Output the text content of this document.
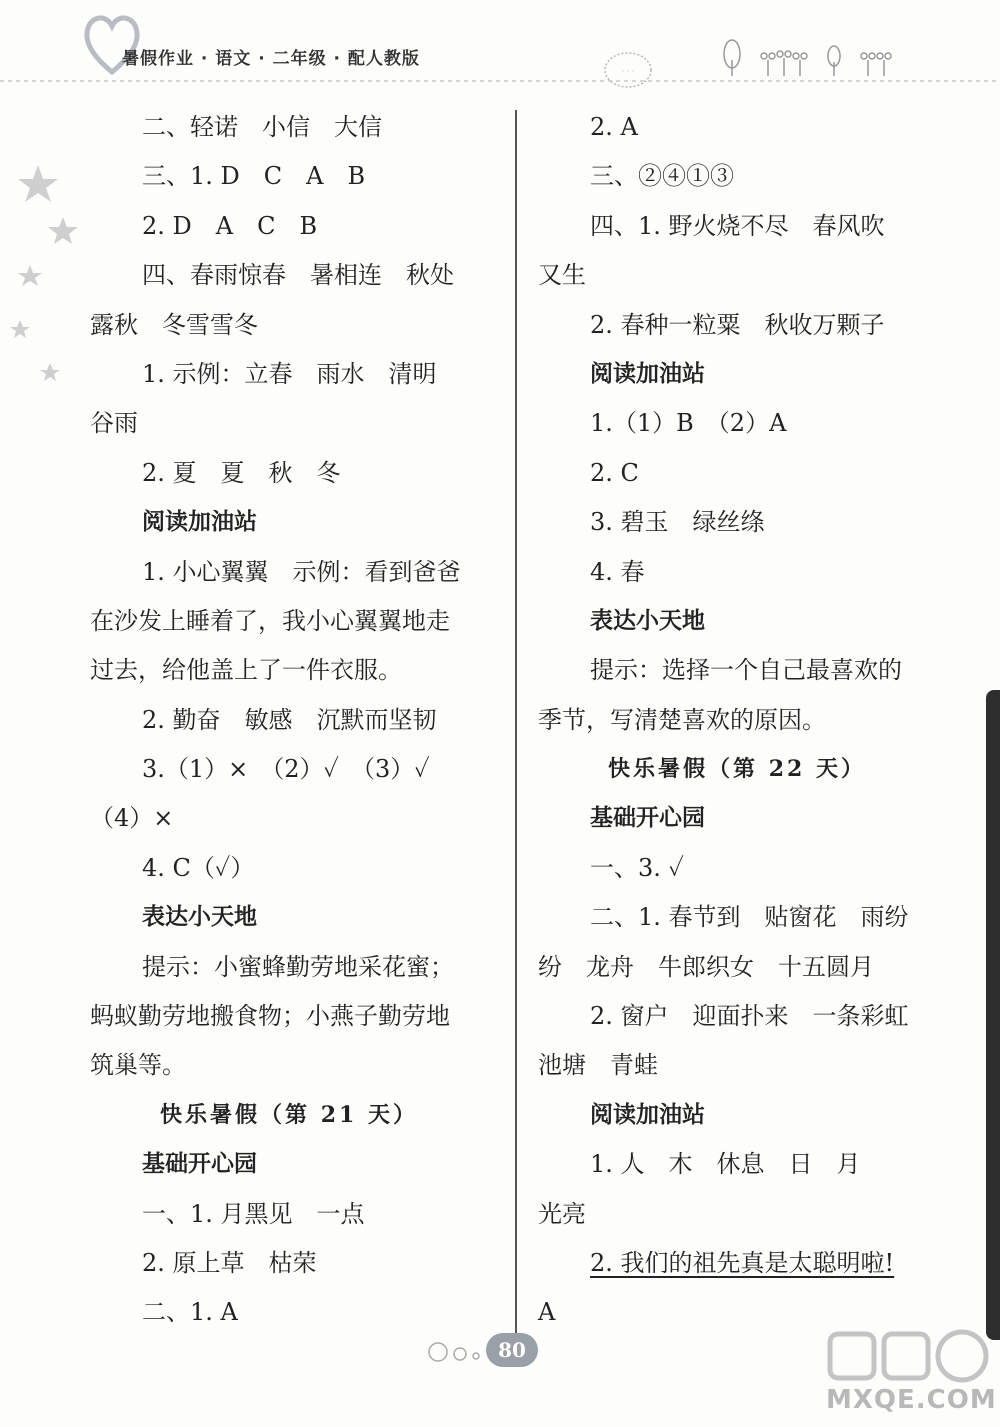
暑假作业 · 语文 · 二年级 · 配人教版
· · ·
二、轻诺　小信　大信
三、1. D　C　A　B
2. D　A　C　B
四、春雨惊春　暑相连　秋处
露秋　冬雪雪冬
1. 示例：立春　雨水　清明
谷雨
2. 夏　夏　秋　冬
阅读加油站
1. 小心翼翼　示例：看到爸爸
在沙发上睡着了，我小心翼翼地走
过去，给他盖上了一件衣服。
2. 勤奋　敏感　沉默而坚韧
3.（1）×　（2）✓　（3）✓
（4）×
4. C（✓）
表达小天地
提示：小蜜蜂勤劳地采花蜜；
蚂蚁勤劳地搬食物；小燕子勤劳地
筑巢等。
快乐暑假（第 21 天）
基础开心园
一、1. 月黑见　一点
2. 原上草　枯荣
二、1. A
2. A
三、②④①③
四、1. 野火烧不尽　春风吹
又生
2. 春种一粒粟　秋收万颗子
阅读加油站
1.（1）B　（2）A
2. C
3. 碧玉　绿丝绦
4. 春
表达小天地
提示：选择一个自己最喜欢的
季节，写清楚喜欢的原因。
快乐暑假（第 22 天）
基础开心园
一、3. ✓
二、1. 春节到　贴窗花　雨纷
纷　龙舟　牛郎织女　十五圆月
2. 窗户　迎面扑来　一条彩虹
池塘　青蛙
阅读加油站
1. 人　木　休息　日　月
光亮
2. 我们的祖先真是太聪明啦!
A
80
MXQE.COM
